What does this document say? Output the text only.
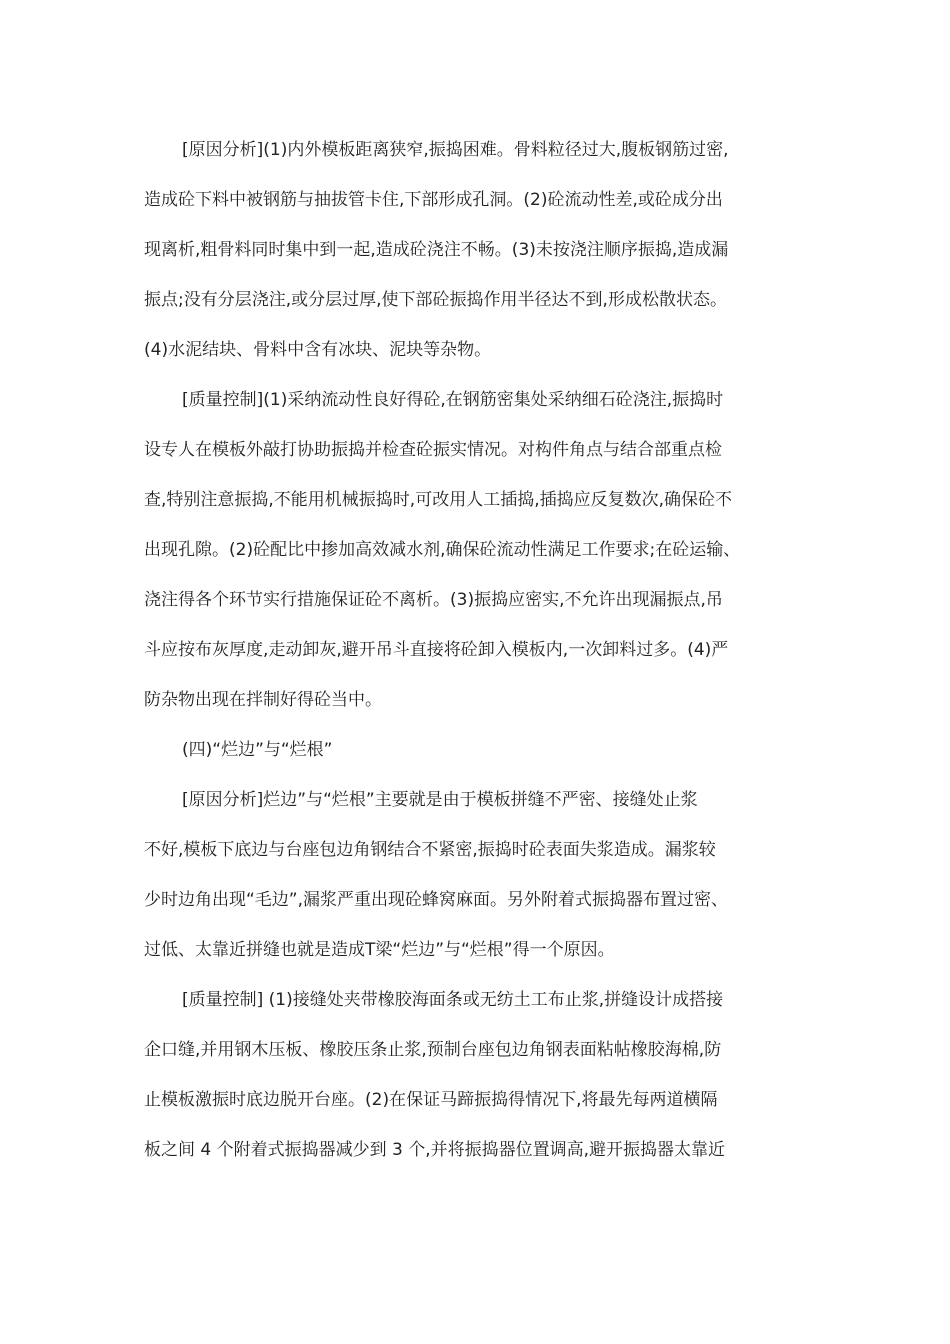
[原因分析](1)内外模板距离狭窄,振捣困难。骨料粒径过大,腹板钢筋过密,

造成砼下料中被钢筋与抽拔管卡住,下部形成孔洞。(2)砼流动性差,或砼成分出

现离析,粗骨料同时集中到一起,造成砼浇注不畅。(3)未按浇注顺序振捣,造成漏

振点;没有分层浇注,或分层过厚,使下部砼振捣作用半径达不到,形成松散状态。

(4)水泥结块、骨料中含有冰块、泥块等杂物。

[质量控制](1)采纳流动性良好得砼,在钢筋密集处采纳细石砼浇注,振捣时

设专人在模板外敲打协助振捣并检查砼振实情况。对构件角点与结合部重点检

查,特别注意振捣,不能用机械振捣时,可改用人工插捣,插捣应反复数次,确保砼不

出现孔隙。(2)砼配比中掺加高效减水剂,确保砼流动性满足工作要求;在砼运输、

浇注得各个环节实行措施保证砼不离析。(3)振捣应密实,不允许出现漏振点,吊

斗应按布灰厚度,走动卸灰,避开吊斗直接将砼卸入模板内,一次卸料过多。(4)严

防杂物出现在拌制好得砼当中。

(四)“烂边”与“烂根”

[原因分析]烂边”与“烂根”主要就是由于模板拼缝不严密、接缝处止浆

不好,模板下底边与台座包边角钢结合不紧密,振捣时砼表面失浆造成。漏浆较

少时边角出现“毛边”,漏浆严重出现砼蜂窝麻面。另外附着式振捣器布置过密、

过低、太靠近拼缝也就是造成T梁“烂边”与“烂根”得一个原因。

[质量控制] (1)接缝处夹带橡胶海面条或无纺土工布止浆,拼缝设计成搭接

企口缝,并用钢木压板、橡胶压条止浆,预制台座包边角钢表面粘帖橡胶海棉,防

止模板激振时底边脱开台座。(2)在保证马蹄振捣得情况下,将最先每两道横隔

板之间 4 个附着式振捣器减少到 3 个,并将振捣器位置调高,避开振捣器太靠近
